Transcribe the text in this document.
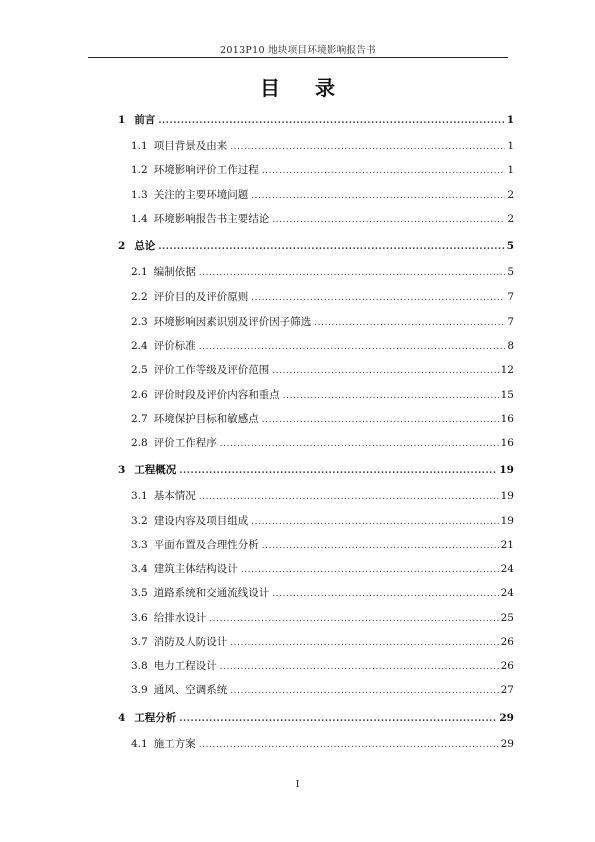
2013P10 地块项目环境影响报告书
目 录
1 前言 .....	1
1.1 项目背景及由来 .....	1
1.2 环境影响评价工作过程 .....	1
1.3 关注的主要环境问题 .....	2
1.4 环境影响报告书主要结论 .....	2
2 总论 .....	5
2.1 编制依据 .....	5
2.2 评价目的及评价原则 .....	7
2.3 环境影响因素识别及评价因子筛选 .....	7
2.4 评价标准 .....	8
2.5 评价工作等级及评价范围 .....	12
2.6 评价时段及评价内容和重点 .....	15
2.7 环境保护目标和敏感点 .....	16
2.8 评价工作程序 .....	16
3 工程概况 .....	19
3.1 基本情况 .....	19
3.2 建设内容及项目组成 .....	19
3.3 平面布置及合理性分析 .....	21
3.4 建筑主体结构设计 .....	24
3.5 道路系统和交通流线设计 .....	24
3.6 给排水设计 .....	25
3.7 消防及人防设计 .....	26
3.8 电力工程设计 .....	26
3.9 通风、空调系统 .....	27
4 工程分析 .....	29
4.1 施工方案 .....	29
I
